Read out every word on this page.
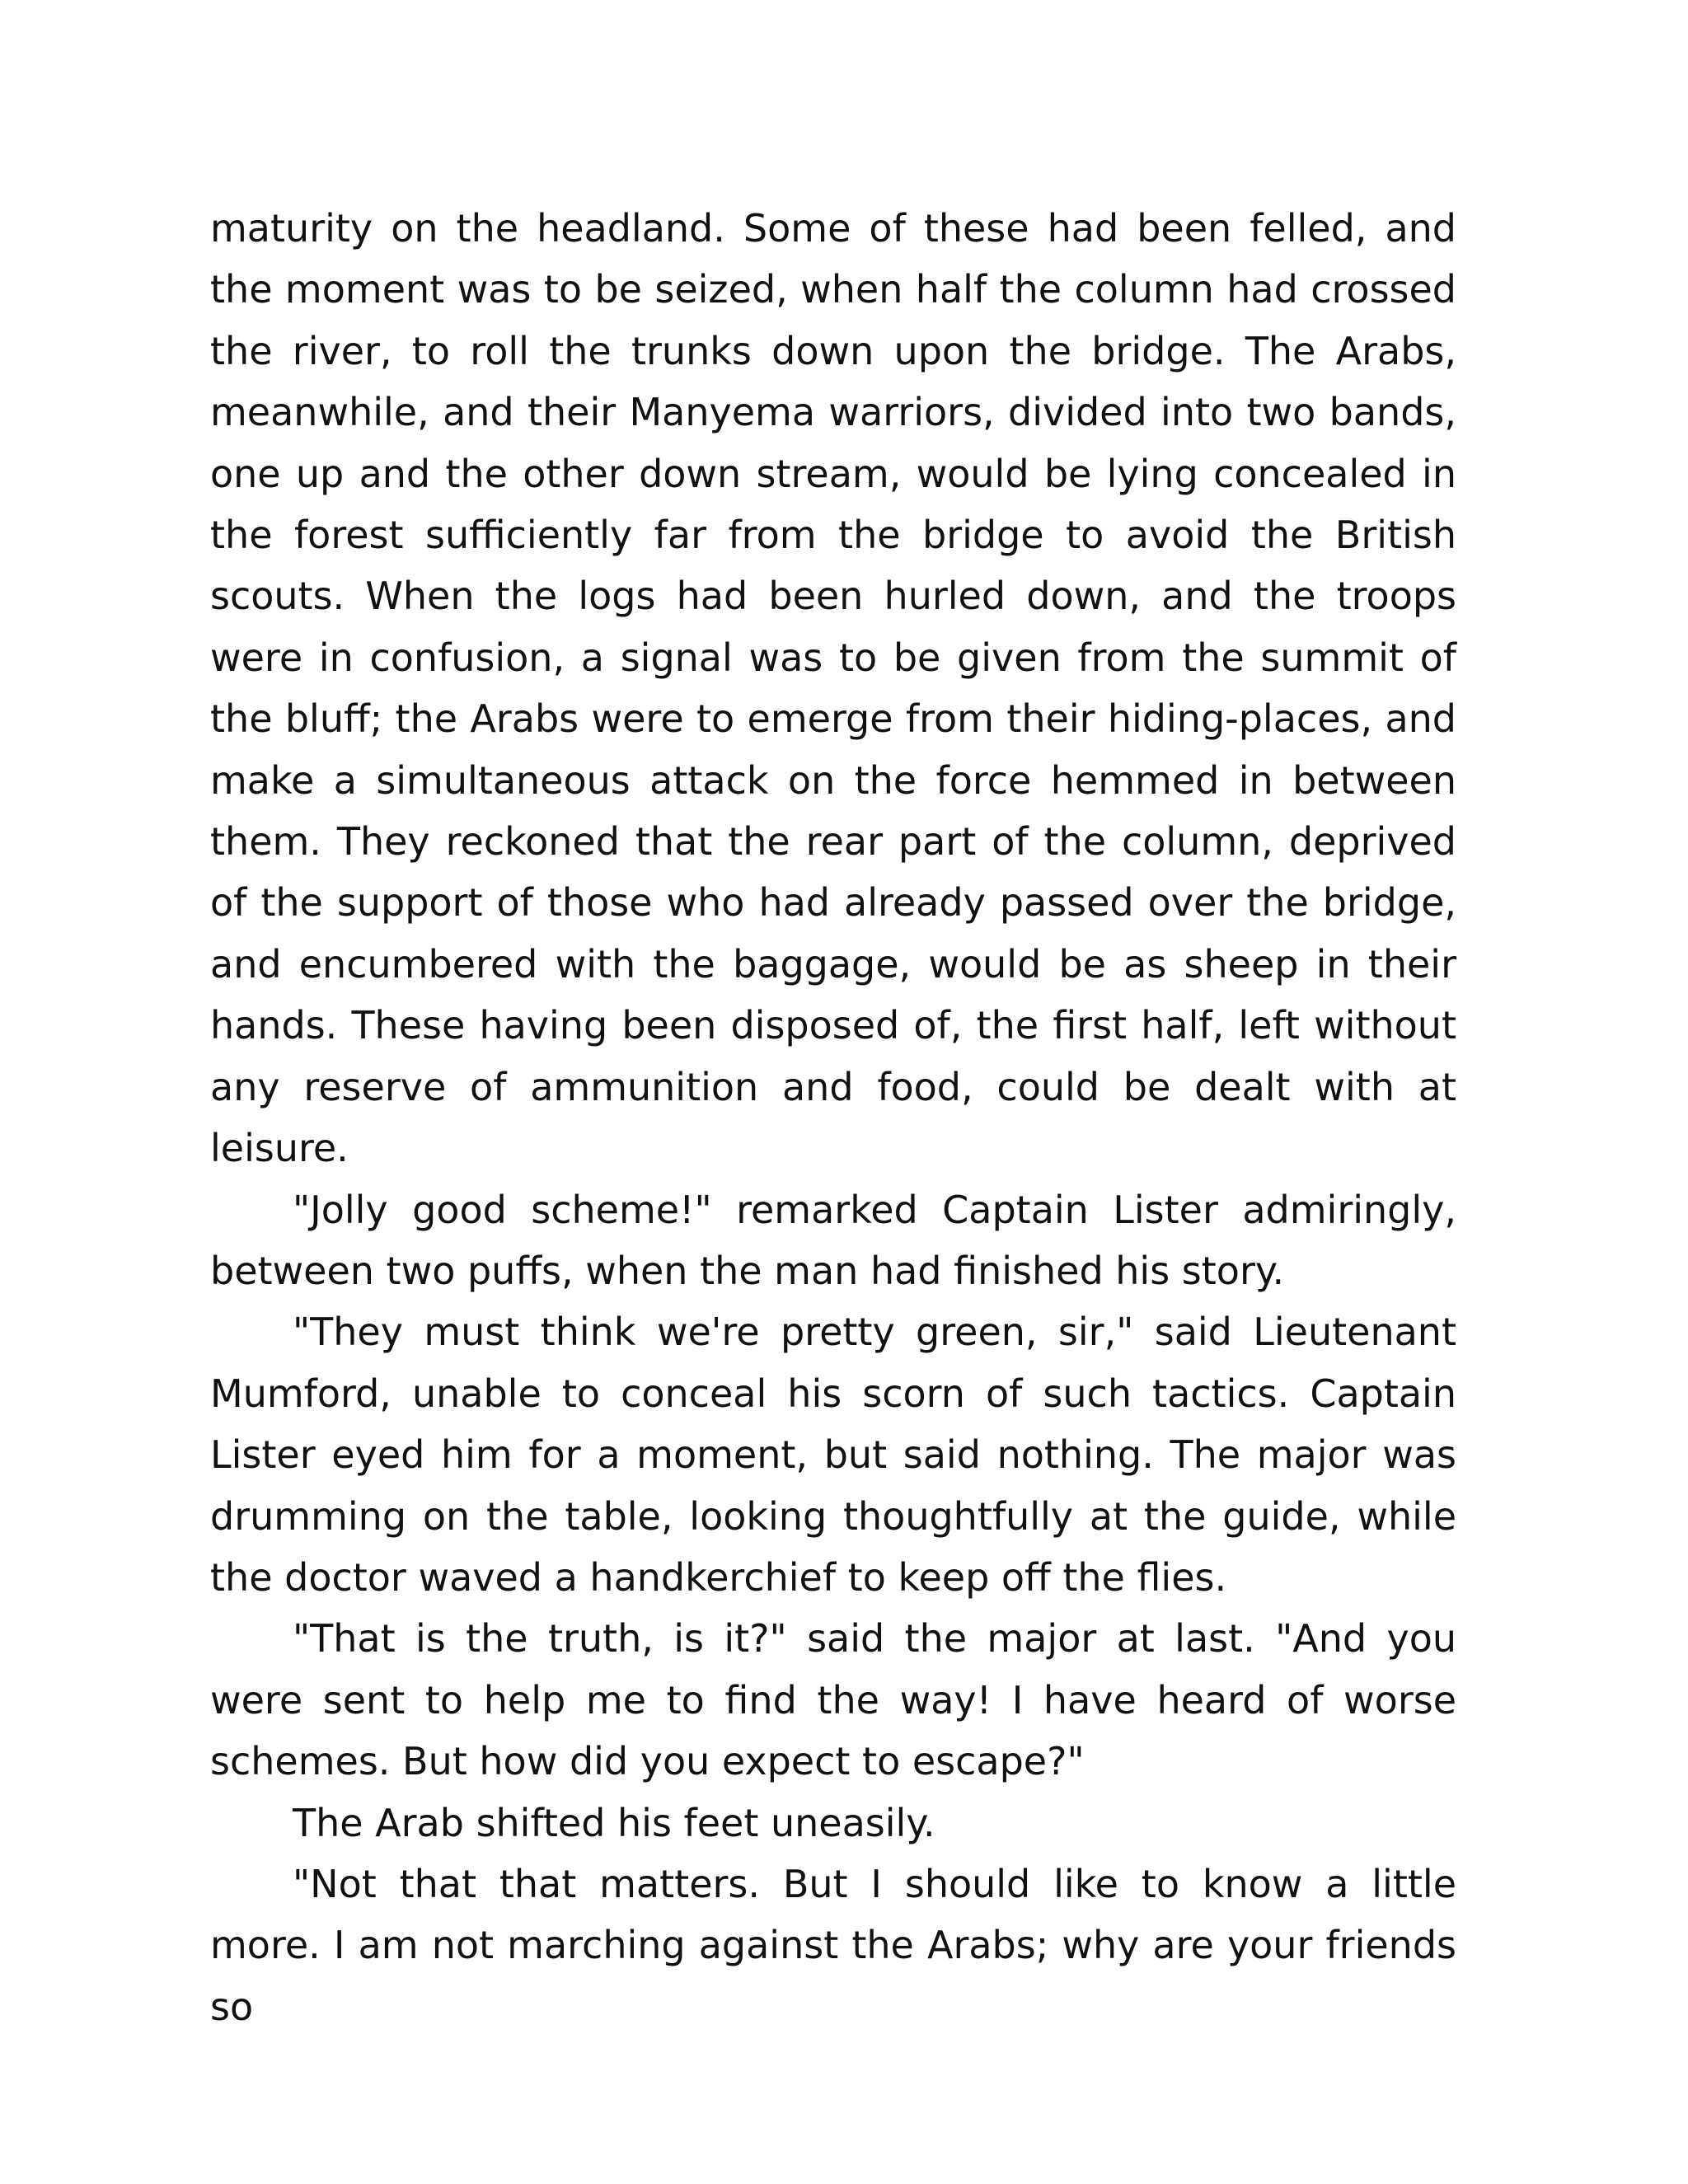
maturity on the headland. Some of these had been felled, and the moment was to be seized, when half the column had crossed the river, to roll the trunks down upon the bridge. The Arabs, meanwhile, and their Manyema warriors, divided into two bands, one up and the other down stream, would be lying concealed in the forest sufficiently far from the bridge to avoid the British scouts. When the logs had been hurled down, and the troops were in confusion, a signal was to be given from the summit of the bluff; the Arabs were to emerge from their hiding-places, and make a simultaneous attack on the force hemmed in between them. They reckoned that the rear part of the column, deprived of the support of those who had already passed over the bridge, and encumbered with the baggage, would be as sheep in their hands. These having been disposed of, the first half, left without any reserve of ammunition and food, could be dealt with at leisure.

"Jolly good scheme!" remarked Captain Lister admiringly, between two puffs, when the man had finished his story.

"They must think we're pretty green, sir," said Lieutenant Mumford, unable to conceal his scorn of such tactics. Captain Lister eyed him for a moment, but said nothing. The major was drumming on the table, looking thoughtfully at the guide, while the doctor waved a handkerchief to keep off the flies.

"That is the truth, is it?" said the major at last. "And you were sent to help me to find the way! I have heard of worse schemes. But how did you expect to escape?"

The Arab shifted his feet uneasily.

"Not that that matters. But I should like to know a little more. I am not marching against the Arabs; why are your friends so
